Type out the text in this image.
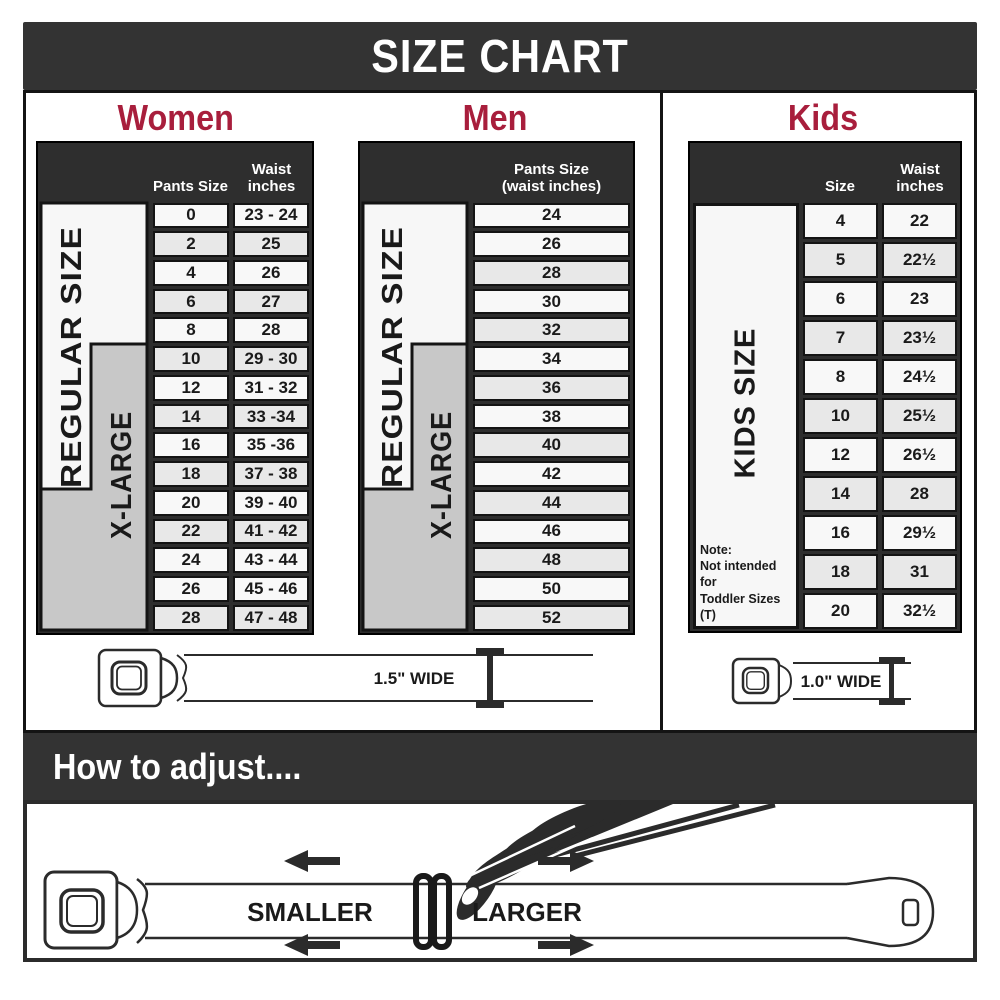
SIZE CHART
Women	Men	Kids
Pants Size
Waist
inches
REGULAR SIZE X-LARGE
0	23 - 24
2	25
4	26
6	27
8	28
10	29 - 30
12	31 - 32
14	33 -34
16	35 -36
18	37 - 38
20	39 - 40
22	41 - 42
24	43 - 44
26	45 - 46
28	47 - 48
Pants Size
(waist inches)
REGULAR SIZE X-LARGE
24
26
28
30
32
34
36
38
40
42
44
46
48
50
52
Size
Waist
inches
KIDS SIZE
Note:
Not intended for
Toddler Sizes (T)
4	22
5	22½
6	23
7	23½
8	24½
10	25½
12	26½
14	28
16	29½
18	31
20	32½
1.5" WIDE	1.0" WIDE
How to adjust....
SMALLER	LARGER
